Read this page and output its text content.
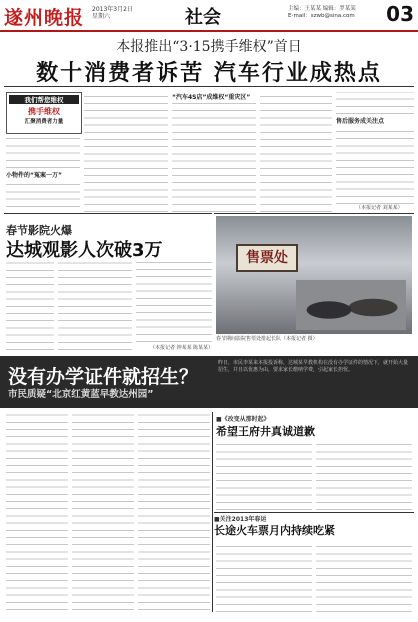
遂州晚报 2013年3月2日
星期六	社会	主编：王某某 编辑：罗某某
E-mail：szwb@sina.com 03
本报推出“3·15携手维权”首日
数十消费者诉苦 汽车行业成热点
我们帮您维权
携手维权
汇聚消费者力量
小物件的“冤案一万”
“汽车4S店”成维权“重灾区”
售后服务成关注点
（本报记者 刘某某）
春节影院火爆
达城观影人次破3万
（本报记者 钟某某 陈某某）
售票处
春节期间影院售票处排起长队（本报记者 摄）
没有办学证件就招生？
市民质疑“北京红黄蓝早教达州园”
昨日，市民李某来本报投诉称，达城某早教机构在没有办学证件的情况下，就开始大量招生，并且以优惠为由，要求家长缴纳学费，引起家长担忧。
■《改变从那时起》
希望王府井真诚道歉
■关注2013年春运
长途火车票月内持续吃紧
